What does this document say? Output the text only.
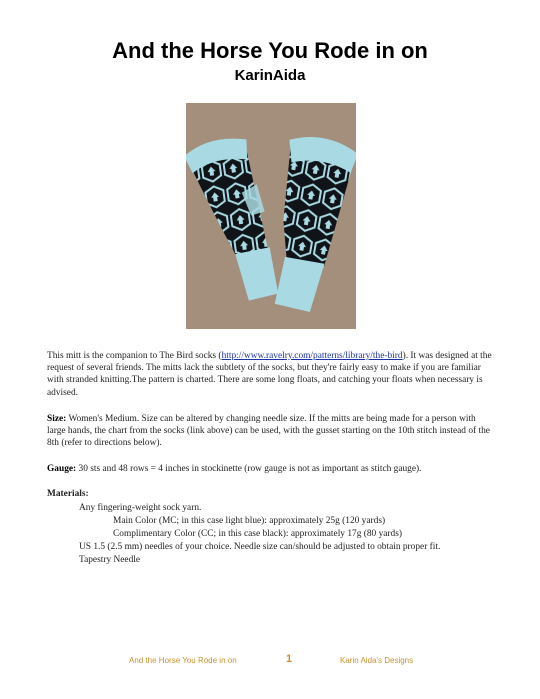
And the Horse You Rode in on
KarinAida
This mitt is the companion to The Bird socks (http://www.ravelry.com/patterns/library/the-bird). It was designed at the request of several friends. The mitts lack the subtlety of the socks, but they're fairly easy to make if you are familiar with stranded knitting.The pattern is charted. There are some long floats, and catching your floats when necessary is advised.
Size: Women's Medium. Size can be altered by changing needle size. If the mitts are being made for a person with large hands, the chart from the socks (link above) can be used, with the gusset starting on the 10th stitch instead of the 8th (refer to directions below).
Gauge: 30 sts and 48 rows = 4 inches in stockinette (row gauge is not as important as stitch gauge).
Materials:
Any fingering-weight sock yarn.
Main Color (MC; in this case light blue): approximately 25g (120 yards)
Complimentary Color (CC; in this case black): approximately 17g (80 yards)
US 1.5 (2.5 mm) needles of your choice. Needle size can/should be adjusted to obtain proper fit.
Tapestry Needle
And the Horse You Rode in on	1	Karin Aida's Designs
